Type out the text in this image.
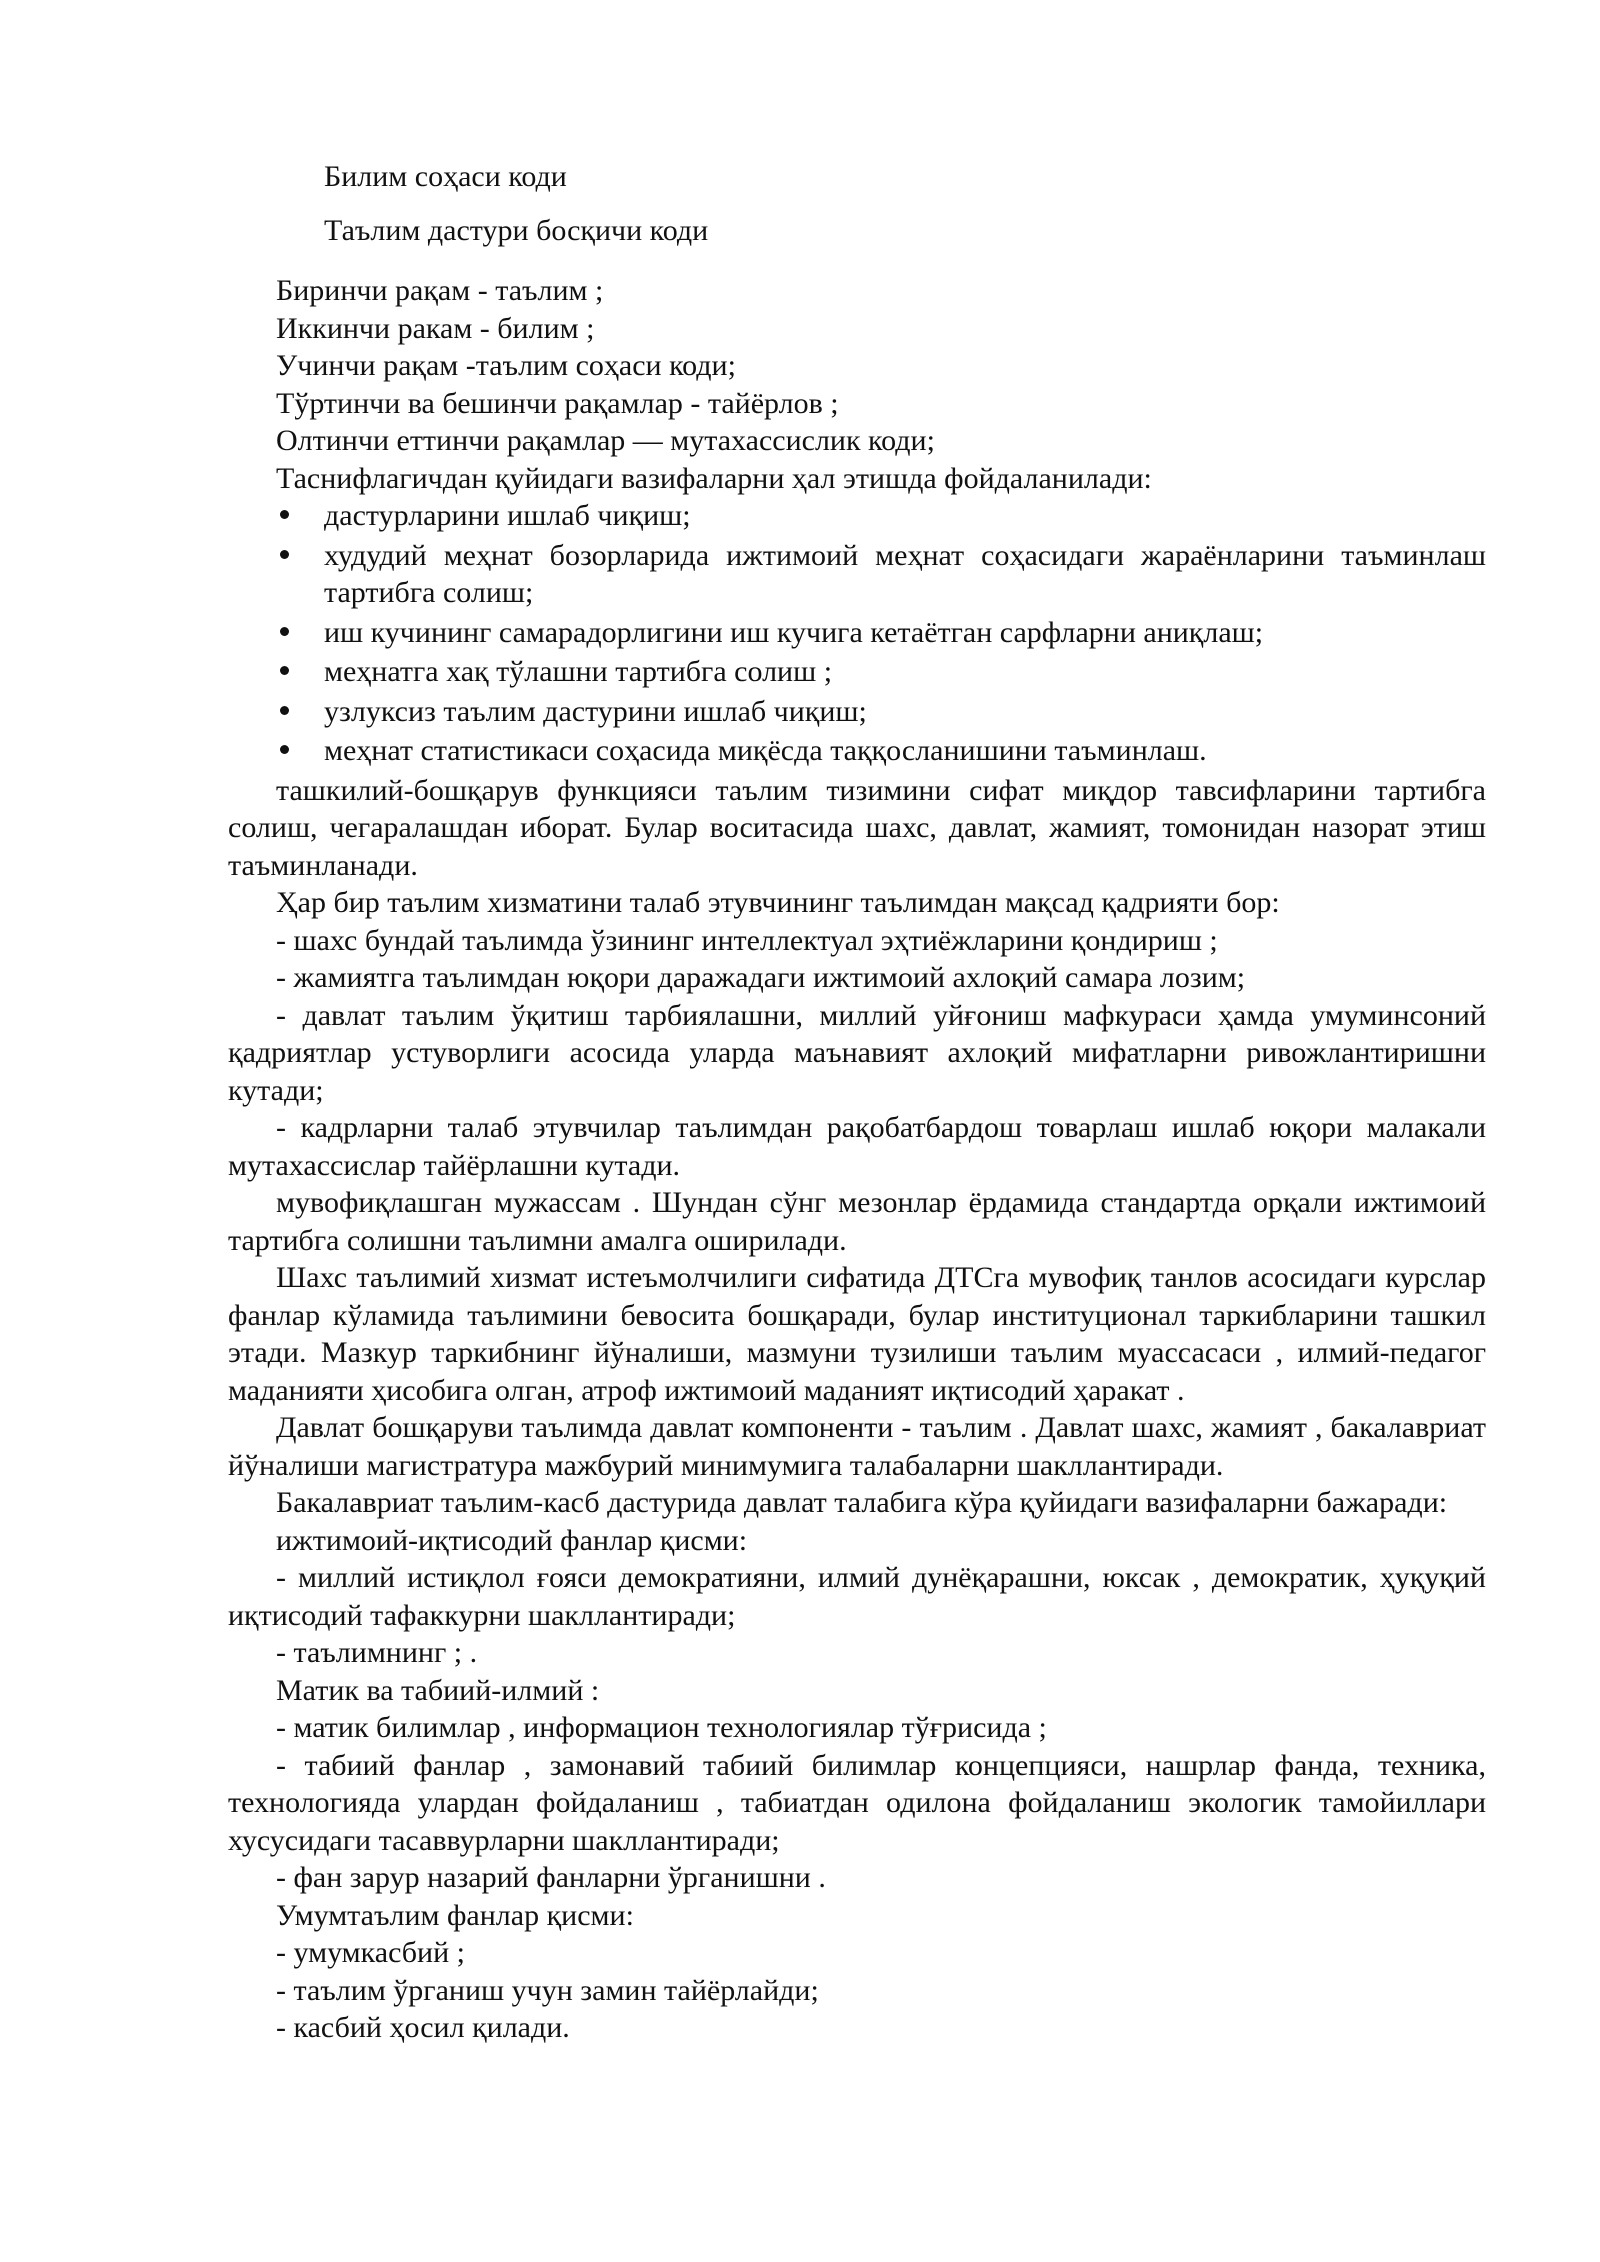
Билим соҳаси коди

Таълим дастури босқичи коди

Биринчи рақам - таълим ;

Иккинчи ракам - билим ;

Учинчи рақам -таълим соҳаси коди;

Тўртинчи ва бешинчи рақамлар - тайёрлов ;

Олтинчи еттинчи рақамлар — мутахассислик коди;

Таснифлагичдан қуйидаги вазифаларни ҳал этишда фойдаланилади:

дастурларини ишлаб чиқиш;
худудий меҳнат бозорларида ижтимоий меҳнат соҳасидаги жараёнларини таъминлаш тартибга солиш;
иш кучининг самарадорлигини иш кучига кетаётган сарфларни аниқлаш;
меҳнатга хақ тўлашни тартибга солиш ;
узлуксиз таълим дастурини ишлаб чиқиш;
меҳнат статистикаси соҳасида миқёсда таққосланишини таъминлаш.

ташкилий-бошқарув функцияси таълим тизимини сифат миқдор тавсифларини тартибга солиш, чегаралашдан иборат. Булар воситасида шахс, давлат, жамият, томонидан назорат этиш таъминланади.

Ҳар бир таълим хизматини талаб этувчининг таълимдан мақсад қадрияти бор:

- шахс бундай таълимда ўзининг интеллектуал эҳтиёжларини қондириш ;

- жамиятга таълимдан юқори даражадаги ижтимоий ахлоқий самара лозим;

- давлат таълим ўқитиш тарбиялашни, миллий уйғониш мафкураси ҳамда умуминсоний қадриятлар устуворлиги асосида уларда маънавият ахлоқий мифатларни ривожлантиришни кутади;

- кадрларни талаб этувчилар таълимдан рақобатбардош товарлаш ишлаб юқори малакали мутахассислар тайёрлашни кутади.

мувофиқлашган мужассам . Шундан сўнг мезонлар ёрдамида стандартда орқали ижтимоий тартибга солишни таълимни амалга оширилади.

Шахс таълимий хизмат истеъмолчилиги сифатида ДТСга мувофиқ танлов асосидаги курслар фанлар кўламида таълимини бевосита бошқаради, булар институционал таркибларини ташкил этади. Мазкур таркибнинг йўналиши, мазмуни тузилиши таълим муассасаси , илмий-педагог маданияти ҳисобига олган, атроф ижтимоий маданият иқтисодий ҳаракат .

Давлат бошқаруви таълимда давлат компоненти - таълим . Давлат шахс, жамият , бакалавриат йўналиши магистратура мажбурий минимумига талабаларни шакллантиради.

Бакалавриат таълим-касб дастурида давлат талабига кўра қуйидаги вазифаларни бажаради:

ижтимоий-иқтисодий фанлар қисми:

- миллий истиқлол ғояси демократияни, илмий дунёқарашни, юксак , демократик, ҳуқуқий иқтисодий тафаккурни шакллантиради;

- таълимнинг ; .

Матик ва табиий-илмий :

- матик билимлар , информацион технологиялар тўғрисида ;

- табиий фанлар , замонавий табиий билимлар концепцияси, нашрлар фанда, техника, технологияда улардан фойдаланиш , табиатдан одилона фойдаланиш экологик тамойиллари хусусидаги тасаввурларни шакллантиради;

- фан зарур назарий фанларни ўрганишни .

Умумтаълим фанлар қисми:

- умумкасбий ;

- таълим ўрганиш учун замин тайёрлайди;

- касбий ҳосил қилади.
